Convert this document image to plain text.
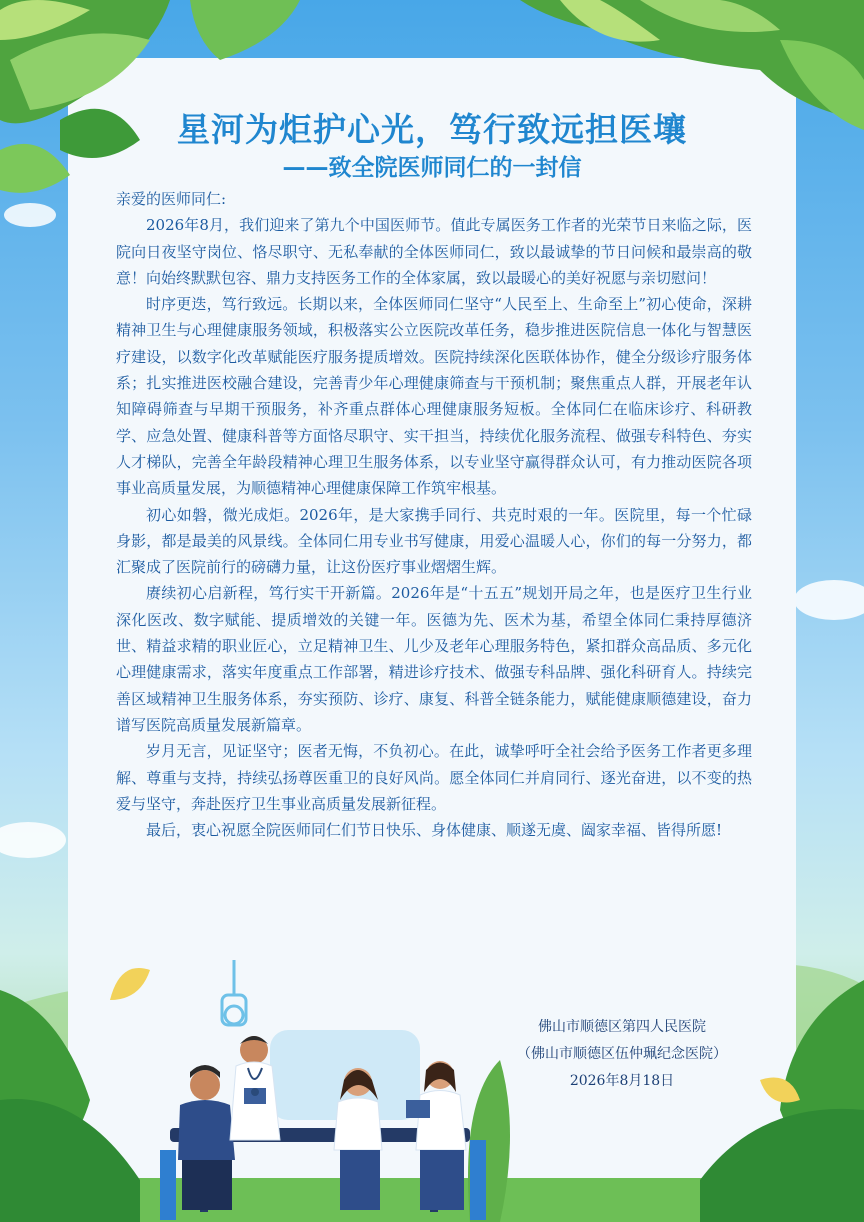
星河为炬护心光，笃行致远担医壤
——致全院医师同仁的一封信

亲爱的医师同仁:

2026年8月，我们迎来了第九个中国医师节。值此专属医务工作者的光荣节日来临之际，医院向日夜坚守岗位、恪尽职守、无私奉献的全体医师同仁，致以最诚挚的节日问候和最崇高的敬意！向始终默默包容、鼎力支持医务工作的全体家属，致以最暖心的美好祝愿与亲切慰问！

时序更迭，笃行致远。长期以来，全体医师同仁坚守“人民至上、生命至上”初心使命，深耕精神卫生与心理健康服务领域，积极落实公立医院改革任务，稳步推进医院信息一体化与智慧医疗建设，以数字化改革赋能医疗服务提质增效。医院持续深化医联体协作，健全分级诊疗服务体系；扎实推进医校融合建设，完善青少年心理健康筛查与干预机制；聚焦重点人群，开展老年认知障碍筛查与早期干预服务，补齐重点群体心理健康服务短板。全体同仁在临床诊疗、科研教学、应急处置、健康科普等方面恪尽职守、实干担当，持续优化服务流程、做强专科特色、夯实人才梯队，完善全年龄段精神心理卫生服务体系，以专业坚守赢得群众认可，有力推动医院各项事业高质量发展，为顺德精神心理健康保障工作筑牢根基。

初心如磐，微光成炬。2026年，是大家携手同行、共克时艰的一年。医院里，每一个忙碌身影，都是最美的风景线。全体同仁用专业书写健康，用爱心温暖人心，你们的每一分努力，都汇聚成了医院前行的磅礴力量，让这份医疗事业熠熠生辉。

赓续初心启新程，笃行实干开新篇。2026年是“十五五”规划开局之年，也是医疗卫生行业深化医改、数字赋能、提质增效的关键一年。医德为先、医术为基，希望全体同仁秉持厚德济世、精益求精的职业匠心，立足精神卫生、儿少及老年心理服务特色，紧扣群众高品质、多元化心理健康需求，落实年度重点工作部署，精进诊疗技术、做强专科品牌、强化科研育人。持续完善区域精神卫生服务体系，夯实预防、诊疗、康复、科普全链条能力，赋能健康顺德建设，奋力谱写医院高质量发展新篇章。

岁月无言，见证坚守；医者无悔，不负初心。在此，诚挚呼吁全社会给予医务工作者更多理解、尊重与支持，持续弘扬尊医重卫的良好风尚。愿全体同仁并肩同行、逐光奋进，以不变的热爱与坚守，奔赴医疗卫生事业高质量发展新征程。

最后，衷心祝愿全院医师同仁们节日快乐、身体健康、顺遂无虞、阖家幸福、皆得所愿!

佛山市顺德区第四人民医院
（佛山市顺德区伍仲珮纪念医院）
2026年8月18日
